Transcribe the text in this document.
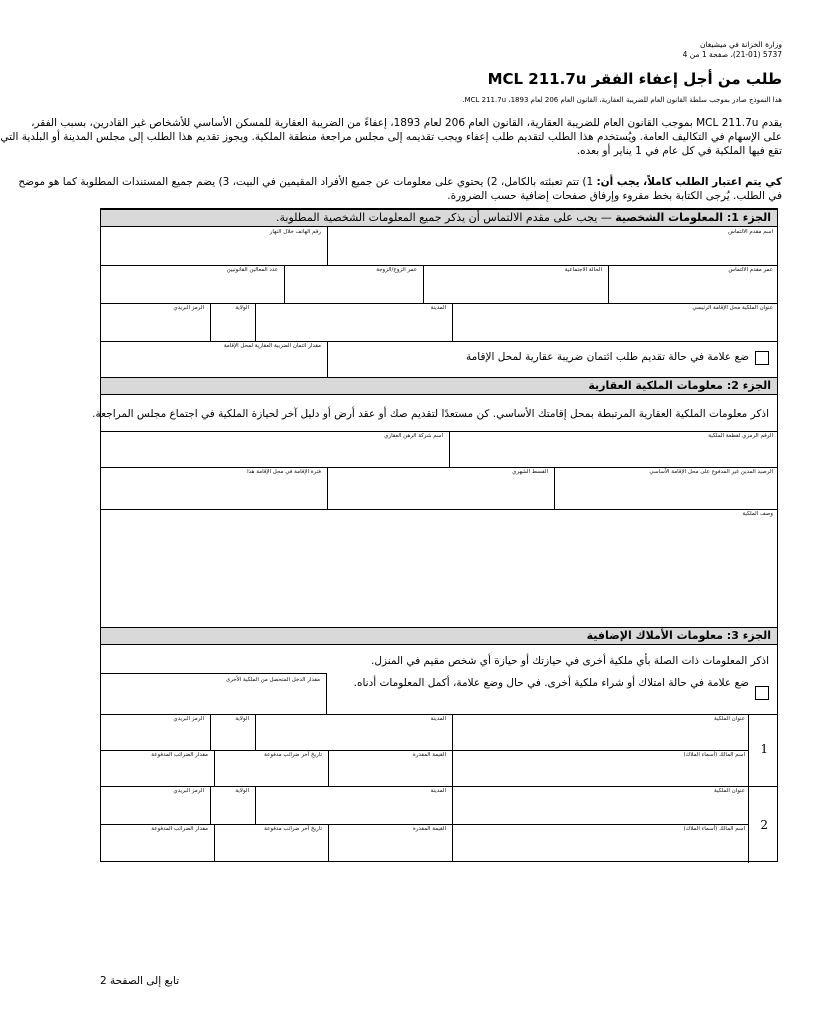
وزارة الخزانة في ميشيغان
5737 (21-01)، صفحة 1 من 4
طلب من أجل إعفاء الفقر MCL 211.7u
هذا النموذج صادر بموجب سلطة القانون العام للضريبة العقارية، القانون العام 206 لعام 1893، MCL 211.7u.
يقدم MCL 211.7u بموجب القانون العام للضريبة العقارية، القانون العام 206 لعام 1893، إعفاءً من الضريبة العقارية للمسكن الأساسي للأشخاص غير القادرين، بسبب الفقر،
على الإسهام في التكاليف العامة. ويُستخدم هذا الطلب لتقديم طلب إعفاء ويجب تقديمه إلى مجلس مراجعة منطقة الملكية. ويجوز تقديم هذا الطلب إلى مجلس المدينة أو البلدية التي
تقع فيها الملكية في كل عام في 1 يناير أو بعده.
كي يتم اعتبار الطلب كاملاً، يجب أن: 1) تتم تعبئته بالكامل، 2) يحتوي على معلومات عن جميع الأفراد المقيمين في البيت، 3) يضم جميع المستندات المطلوبة كما هو موضح
في الطلب. يُرجى الكتابة بخط مقروء وإرفاق صفحات إضافية حسب الضرورة.
الجزء 1: المعلومات الشخصية — يجب على مقدم الالتماس أن يذكر جميع المعلومات الشخصية المطلوبة.
اسم مقدم الالتماس
رقم الهاتف خلال النهار
عمر مقدم الالتماس
الحالة الاجتماعية
عمر الزوج/الزوجة
عدد المعالين القانونيين
عنوان الملكية محل الإقامة الرئيسي
المدينة
الولاية
الرمز البريدي
ضع علامة في حالة تقديم طلب ائتمان ضريبة عقارية لمحل الإقامة
مقدار ائتمان الضريبة العقارية لمحل الإقامة
الجزء 2: معلومات الملكية العقارية
اذكر معلومات الملكية العقارية المرتبطة بمحل إقامتك الأساسي. كن مستعدًا لتقديم صك أو عقد أرض أو دليل آخر لحيازة الملكية في اجتماع مجلس المراجعة.
الرقم الرمزي لقطعة الملكية
اسم شركة الرهن العقاري
الرصيد المدين غير المدفوع على محل الإقامة الأساسي
القسط الشهري
فترة الإقامة في محل الإقامة هذا
وصف الملكية
الجزء 3: معلومات الأملاك الإضافية
اذكر المعلومات ذات الصلة بأي ملكية أخرى في حيازتك أو حيازة أي شخص مقيم في المنزل.
ضع علامة في حالة امتلاك أو شراء ملكية أخرى. في حال وضع علامة، أكمل المعلومات أدناه.
مقدار الدخل المتحصل من الملكية الأخرى
1
عنوان الملكية
المدينة
الولاية
الرمز البريدي
اسم المالك (أسماء الملاك)
القيمة المقدرة
تاريخ آخر ضرائب مدفوعة
مقدار الضرائب المدفوعة
2
عنوان الملكية
المدينة
الولاية
الرمز البريدي
اسم المالك (أسماء الملاك)
القيمة المقدرة
تاريخ آخر ضرائب مدفوعة
مقدار الضرائب المدفوعة
تابع إلى الصفحة 2
